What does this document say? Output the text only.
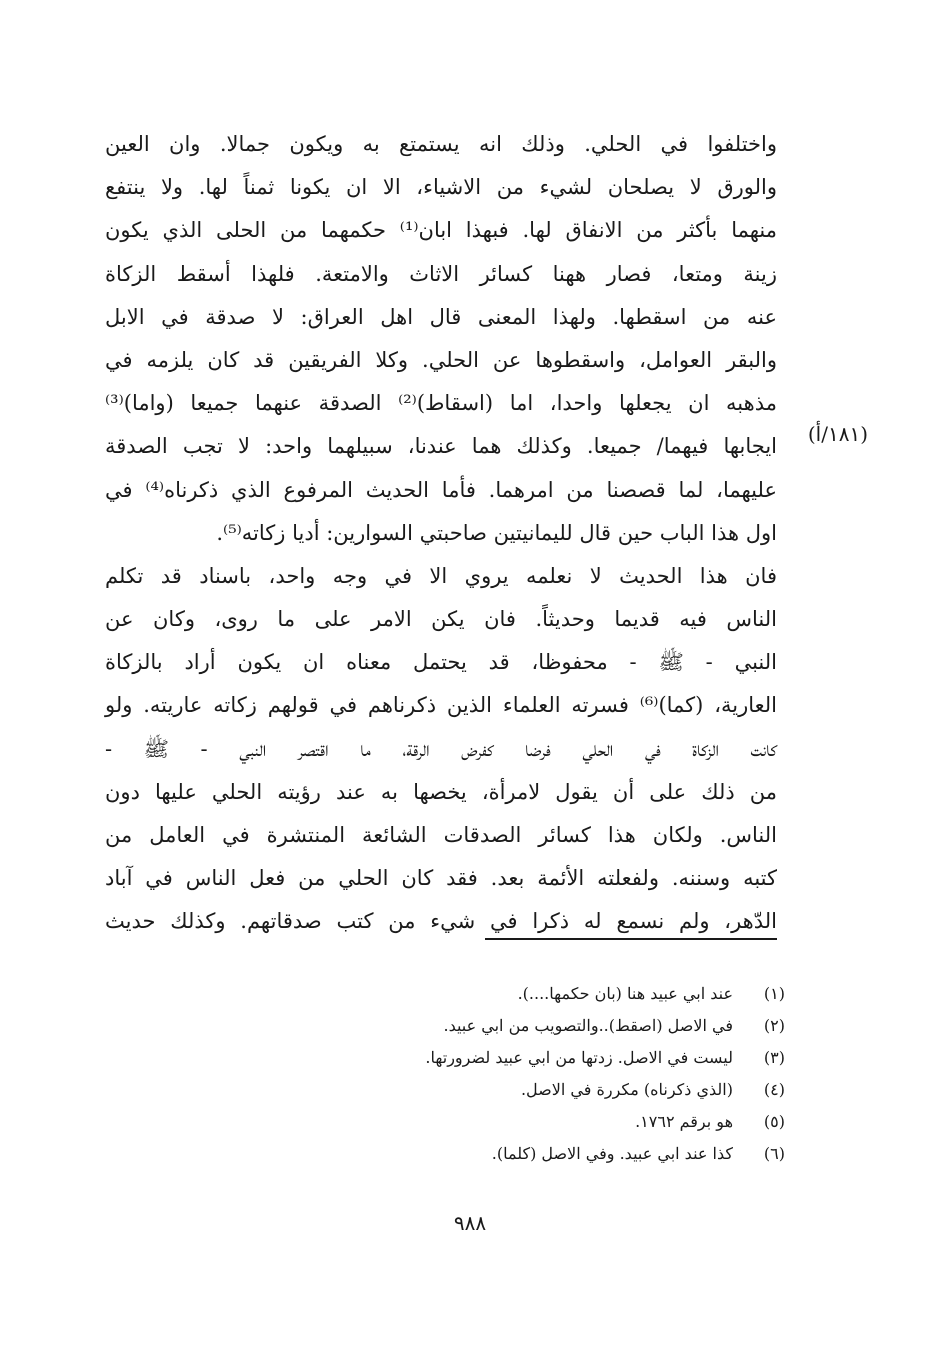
واختلفوا في الحلي. وذلك انه يستمتع به ويكون جمالا. وان العين
والورق لا يصلحان لشيء من الاشياء، الا ان يكونا ثمناً لها. ولا ينتفع
منهما بأكثر من الانفاق لها. فبهذا ابان⁽¹⁾ حكمهما من الحلى الذي يكون
زينة ومتعا، فصار ههنا كسائر الاثاث والامتعة. فلهذا أسقط الزكاة
عنه من اسقطها. ولهذا المعنى قال اهل العراق: لا صدقة في الابل
والبقر العوامل، واسقطوها عن الحلي. وكلا الفريقين قد كان يلزمه في
مذهبه ان يجعلها واحدا، اما (اسقاط)⁽²⁾ الصدقة عنهما جميعا (واما)⁽³⁾
ايجابها فيهما/ جميعا. وكذلك هما عندنا، سبيلهما واحد: لا تجب الصدقة
عليهما، لما قصصنا من امرهما. فأما الحديث المرفوع الذي ذكرناه⁽⁴⁾ في
اول هذا الباب حين قال لليمانيتين صاحبتي السوارين: أديا زكاته⁽⁵⁾.
فان هذا الحديث لا نعلمه يروي الا في وجه واحد، باسناد قد تكلم
الناس فيه قديما وحديثاً. فان يكن الامر على ما روى، وكان عن
النبي - ﷺ - محفوظا، قد يحتمل معناه ان يكون أراد بالزكاة
العارية، (كما)⁽⁶⁾ فسرته العلماء الذين ذكرناهم في قولهم زكاته عاريته. ولو
كانت الزكاة في الحلي فرضا كفرض الرقة، ما اقتصر النبي - ﷺ -
من ذلك على أن يقول لامرأة، يخصها به عند رؤيته الحلي عليها دون
الناس. ولكان هذا كسائر الصدقات الشائعة المنتشرة في العامل من
كتبه وسننه. ولفعلته الأئمة بعد. فقد كان الحلي من فعل الناس في آباد
الدّهر، ولم نسمع له ذكرا في شيء من كتب صدقاتهم. وكذلك حديث
(١٨١/أ)
(١)
عند ابي عبيد هنا (بان حكمها....).
(٢)
في الاصل (اصقط)..والتصويب من ابي عبيد.
(٣)
ليست في الاصل. زدتها من ابي عبيد لضرورتها.
(٤)
(الذي ذكرناه) مكررة في الاصل.
(٥)
هو برقم ١٧٦٢.
(٦)
كذا عند ابي عبيد. وفي الاصل (كلما).
٩٨٨
